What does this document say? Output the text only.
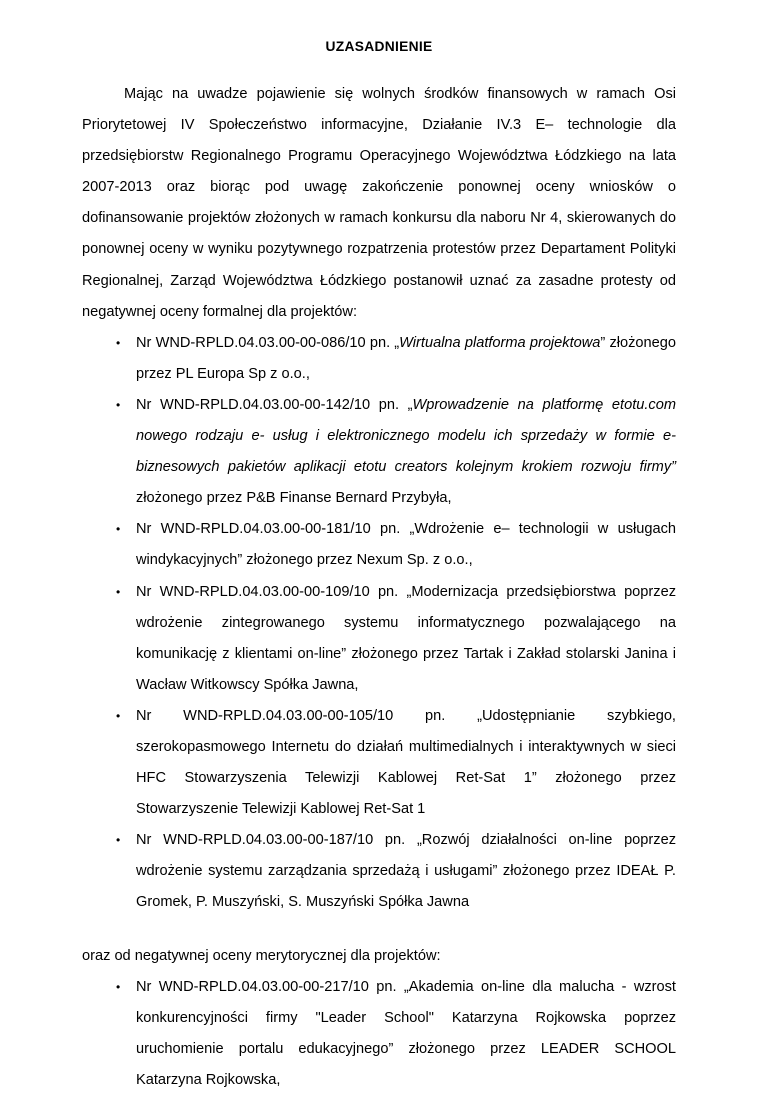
UZASADNIENIE

Mając na uwadze pojawienie się wolnych środków finansowych w ramach Osi Priorytetowej IV Społeczeństwo informacyjne, Działanie IV.3 E– technologie dla przedsiębiorstw Regionalnego Programu Operacyjnego Województwa Łódzkiego na lata 2007-2013 oraz biorąc pod uwagę zakończenie ponownej oceny wniosków o dofinansowanie projektów złożonych w ramach konkursu dla naboru Nr 4, skierowanych do ponownej oceny w wyniku pozytywnego rozpatrzenia protestów przez Departament Polityki Regionalnej, Zarząd Województwa Łódzkiego postanowił uznać za zasadne protesty od negatywnej oceny formalnej dla projektów:

• Nr WND-RPLD.04.03.00-00-086/10 pn. „Wirtualna platforma projektowa” złożonego przez PL Europa Sp z o.o.,
• Nr WND-RPLD.04.03.00-00-142/10 pn. „Wprowadzenie na platformę etotu.com nowego rodzaju e- usług i elektronicznego modelu ich sprzedaży w formie e- biznesowych pakietów aplikacji etotu creators kolejnym krokiem rozwoju firmy” złożonego przez P&B Finanse Bernard Przybyła,
• Nr WND-RPLD.04.03.00-00-181/10 pn. „Wdrożenie e– technologii w usługach windykacyjnych” złożonego przez Nexum Sp. z o.o.,
• Nr WND-RPLD.04.03.00-00-109/10 pn. „Modernizacja przedsiębiorstwa poprzez wdrożenie zintegrowanego systemu informatycznego pozwalającego na komunikację z klientami on-line” złożonego przez Tartak i Zakład stolarski Janina i Wacław Witkowscy Spółka Jawna,
• Nr WND-RPLD.04.03.00-00-105/10 pn. „Udostępnianie szybkiego, szerokopasmowego Internetu do działań multimedialnych i interaktywnych w sieci HFC Stowarzyszenia Telewizji Kablowej Ret-Sat 1” złożonego przez Stowarzyszenie Telewizji Kablowej Ret-Sat 1
• Nr WND-RPLD.04.03.00-00-187/10 pn. „Rozwój działalności on-line poprzez wdrożenie systemu zarządzania sprzedażą i usługami” złożonego przez IDEAŁ P. Gromek, P. Muszyński, S. Muszyński Spółka Jawna

oraz od negatywnej oceny merytorycznej dla projektów:

• Nr WND-RPLD.04.03.00-00-217/10 pn. „Akademia on-line dla malucha - wzrost konkurencyjności firmy "Leader School" Katarzyna Rojkowska poprzez uruchomienie portalu edukacyjnego” złożonego przez LEADER SCHOOL Katarzyna Rojkowska,
